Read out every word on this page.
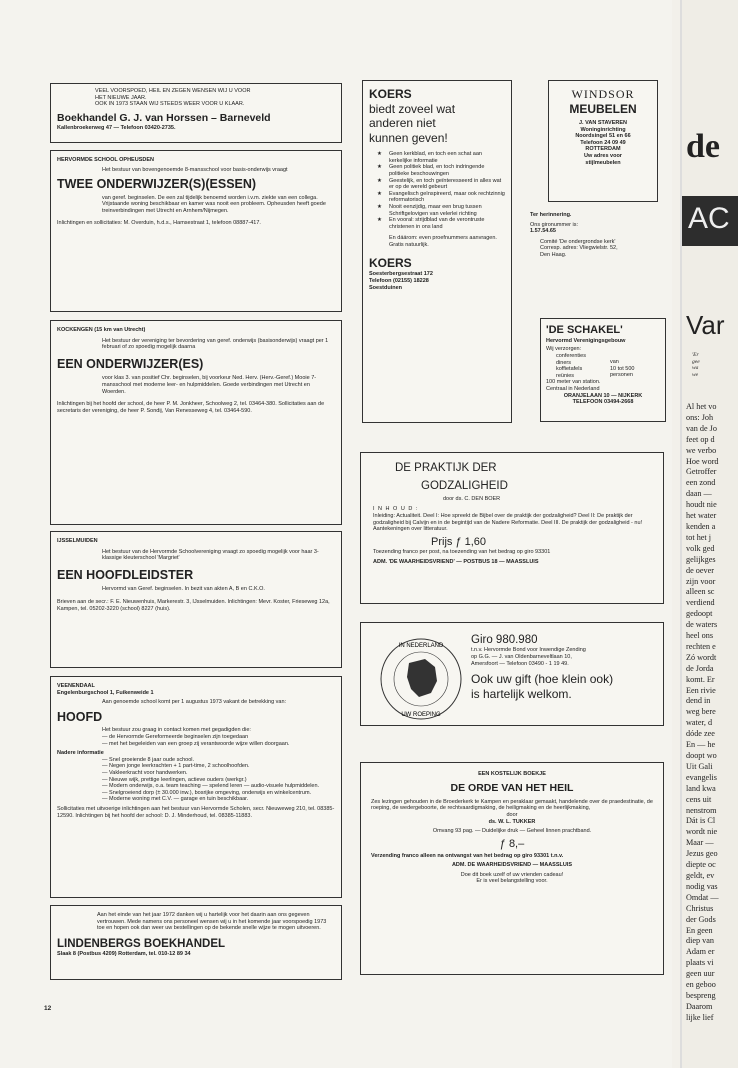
VEEL VOORSPOED, HEIL EN ZEGEN WENSEN WIJ U VOOR
HET NIEUWE JAAR.
OOK IN 1973 STAAN WIJ STEEDS WEER VOOR U KLAAR.
Boekhandel G. J. van Horssen – Barneveld
Kallenbroekerweg 47 — Telefoon 03420-2735.
HERVORMDE SCHOOL OPHEUSDEN
Het bestuur van bovengenoemde 8-mansschool voor basis-onderwijs vraagt
TWEE ONDERWIJZER(S)(ESSEN)
van geref. beginselen. De een zal tijdelijk benoemd worden i.v.m. ziekte van een collega. Vrijstaande woning beschikbaar en kamer was nooit een probleem. Opheusden heeft goede treinverbindingen met Utrecht en Arnhem/Nijmegen.
Inlichtingen en sollicitaties: M. Overduin, h.d.s., Hamsestraat 1, telefoon 08887-417.
KOCKENGEN (15 km van Utrecht)
Het bestuur der vereniging ter bevordering van geref. onderwijs (basisonderwijs) vraagt per 1 februari of zo spoedig mogelijk daarna
EEN ONDERWIJZER(ES)
voor klas 3. van positief Chr. beginselen, bij voorkeur Ned. Herv. (Herv.-Geref.) Mooie 7-mansschool met moderne leer- en hulpmiddelen. Goede verbindingen met Utrecht en Woerden.
Inlichtingen bij het hoofd der school, de heer P. M. Jonkheer, Schoolweg 2, tel. 03464-380. Sollicitaties aan de secretaris der vereniging, de heer P. Sondij, Van Renesseweg 4, tel. 03464-590.
IJSSELMUIDEN
Het bestuur van de Hervormde Schoolvereniging vraagt zo spoedig mogelijk voor haar 3-klassige kleuterschool 'Margriet'
EEN HOOFDLEIDSTER
Hervormd van Geref. beginselen. In bezit van akten A, B en C.K.O.
Brieven aan de secr.: F. E. Nieuwenhuis, Markerestr. 3, IJsselmuiden. Inlichtingen: Mevr. Koster, Frieseweg 12a, Kampen, tel. 05202-3220 (school) 8227 (huis).
VEENENDAAL
Engelenburgschool 1, Fuikenweide 1
Aan genoemde school komt per 1 augustus 1973 vakant de betrekking van:
HOOFD
Het bestuur zou graag in contact komen met gegadigden die:
— de Hervormde Gereformeerde beginselen zijn toegedaan
— met het begeleiden van een groep zij verantwoorde wijze willen doorgaan.
Nadere informatie
— Snel groeiende 8 jaar oude school.
— Negen jonge leerkrachten + 1 part-time, 2 schoolhoofden.
— Vakleerkracht voor handwerken.
— Nieuwe wijk, prettige leerlingen, actieve ouders (werkgr.)
— Modern onderwijs, o.a. team teaching — spelend leren — audio-visuele hulpmiddelen.
— Snelgroeiend dorp (± 30.000 inw.), bosrijke omgeving, onderwijs en winkelcentrum.
— Moderne woning met C.V. — garage en tuin beschikbaar.
Sollicitaties met uitvoerige inlichtingen aan het bestuur van Hervormde Scholen, secr. Nieuweweg 210, tel. 08385-12590. Inlichtingen bij het hoofd der school: D. J. Minderhoud, tel. 08385-11883.
Aan het einde van het jaar 1972 danken wij u hartelijk voor het daarin aan ons gegeven vertrouwen. Mede namens ons personeel wensen wij u in het komende jaar voorspoedig 1973 toe en hopen ook dan weer uw bestellingen op de bekende snelle wijze te mogen uitvoeren.
LINDENBERGS BOEKHANDEL
Slaak 8 (Postbus 4209) Rotterdam, tel. 010-12 89 34
12
KOERS
biedt zoveel wat
anderen niet
kunnen geven!
★	Geen kerkblad, en toch een schat aan kerkelijke informatie
★	Geen politiek blad, en toch indringende politieke beschouwingen
★	Geestelijk, en toch geïnteresseerd in alles wat er op de wereld gebeurt
★	Evangelisch geïnspireerd, maar ook rechtzinnig reformatorisch
★	Nooit eenzijdig, maar een brug tussen Schriftgelovigen van velerlei richting
★	En vooral: strijdblad van de verontruste christenen in ons land
En dáárom: even proefnummers aanvragen. Gratis natuurlijk.
KOERS
Soesterbergsestraat 172
Telefoon (02155) 18228
Soestduinen
WINDSOR
MEUBELEN
J. VAN STAVEREN
Woninginrichting
Noordsingel 51 en 66
Telefoon 24 09 49
ROTTERDAM
Uw adres voor
stijlmeubelen
Ter herinnering.
Ons gironummer is:
1.57.54.65
Comité 'De ondergrondse kerk'
Corresp. adres: Vliegwielstr. 52,
Den Haag.
'DE SCHAKEL'
Hervormd Verenigingsgebouw
Wij verzorgen:
conferenties
diners
koffietafels
reünies
van
10 tot 500
personen
100 meter van station.
Centraal in Nederland
ORANJELAAN 10 — NIJKERK
TELEFOON 03494-2668
DE PRAKTIJK DER
GODZALIGHEID
door ds. C. DEN BOER
I N H O U D :
Inleiding: Actualiteit. Deel I: Hoe spreekt de Bijbel over de praktijk der godzaligheid? Deel II: De praktijk der godzaligheid bij Calvijn en in de begintijd van de Nadere Reformatie. Deel III. De praktijk der godzaligheid - nu! Aantekeningen over litteratuur.
Prijs ƒ 1,60
Toezending franco per post, na toezending van het bedrag op giro 93301
ADM. 'DE WAARHEIDSVRIEND' — POSTBUS 18 — MAASSLUIS
IN NEDERLAND
UW ROEPING
Giro 980.980
t.n.v. Hervormde Bond voor Inwendige Zending
op G.G. — J. van Oldenbarneveltlaan 10,
Amersfoort — Telefoon 03490 - 1 19 49.
Ook uw gift (hoe klein ook)
is hartelijk welkom.
EEN KOSTELIJK BOEKJE
DE ORDE VAN HET HEIL
Zes lezingen gehouden in de Broederkerk te Kampen en peraklaar gemaakt, handelende over de praedestinatie, de roeping, de wedergeboorte, de rechtvaardigmaking, de heiligmaking en de heerlijkmaking,
door
ds. W. L. TUKKER
Omvang 93 pag. — Duidelijke druk — Geheel linnen prachtband.
ƒ 8,–
Verzending franco alleen na ontvangst van het bedrag op giro 93301 t.n.v.
ADM. DE WAARHEIDSVRIEND — MAASSLUIS
Doe dit boek uzelf of uw vrienden cadeau!
Er is veel belangstelling voor.
de
AC
Var
'Er
gee
wa
we
Al het vo
ons: Joh
van de Jo
feet op d
we verbo
Hoe word
Getroffer
een zond
daan —
houdt nie
het water
kenden a
tot het j
volk ged
gelijkges
de oever
zijn voor
alleen sc
verdiend
gedoopt
de waters
heel ons
rechten e
Zó wordt
de Jorda
komt. Er
Een rivie
dend in
weg bere
water, d
dóde zee
En — he
doopt wo
Uit Gali
evangelis
land kwa
cens uit
nenstrom
Dát is Cl
wordt nie
Maar —
Jezus geo
diepte oc
geldt, ev
nodig vas
Omdat —
Christus
der Gods
En geen
diep van
Adam er
plaats vi
geen uur
en geboo
bespreng
Daarom
lijke lief
